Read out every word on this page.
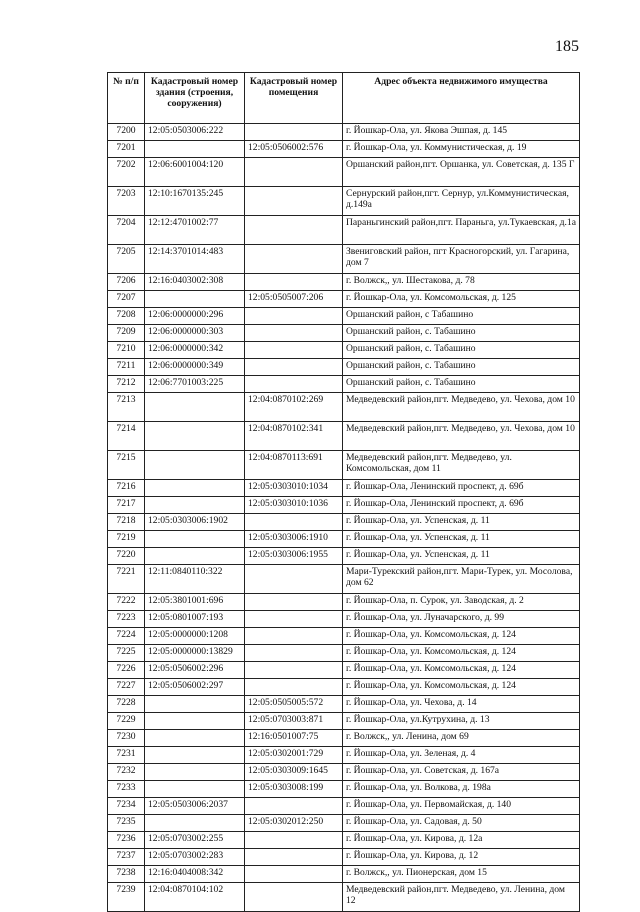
185
№ п/п	Кадастровый номер здания (строения, сооружения)	Кадастровый номер помещения	Адрес объекта недвижимого имущества
7200	12:05:0503006:222		г. Йошкар-Ола, ул. Якова Эшпая, д. 145
7201		12:05:0506002:576	г. Йошкар-Ола, ул. Коммунистическая, д. 19
7202	12:06:6001004:120		Оршанский район,пгт. Оршанка, ул. Советская, д. 135 Г
7203	12:10:1670135:245		Сернурский район,пгт. Сернур, ул.Коммунистическая, д.149а
7204	12:12:4701002:77		Параньгинский район,пгт. Параньга, ул.Тукаевская, д.1а
7205	12:14:3701014:483		Звениговский район, пгт Красногорский, ул. Гагарина, дом 7
7206	12:16:0403002:308		г. Волжск,, ул. Шестакова, д. 78
7207		12:05:0505007:206	г. Йошкар-Ола, ул. Комсомольская, д. 125
7208	12:06:0000000:296		Оршанский район, с Табашино
7209	12:06:0000000:303		Оршанский район, с. Табашино
7210	12:06:0000000:342		Оршанский район, с. Табашино
7211	12:06:0000000:349		Оршанский район, с. Табашино
7212	12:06:7701003:225		Оршанский район, с. Табашино
7213		12:04:0870102:269	Медведевский район,пгт. Медведево, ул. Чехова, дом 10
7214		12:04:0870102:341	Медведевский район,пгт. Медведево, ул. Чехова, дом 10
7215		12:04:0870113:691	Медведевский район,пгт. Медведево, ул. Комсомольская, дом 11
7216		12:05:0303010:1034	г. Йошкар-Ола, Ленинский проспект, д. 69б
7217		12:05:0303010:1036	г. Йошкар-Ола, Ленинский проспект, д. 69б
7218	12:05:0303006:1902		г. Йошкар-Ола, ул. Успенская, д. 11
7219		12:05:0303006:1910	г. Йошкар-Ола, ул. Успенская, д. 11
7220		12:05:0303006:1955	г. Йошкар-Ола, ул. Успенская, д. 11
7221	12:11:0840110:322		Мари-Турекский район,пгт. Мари-Турек, ул. Мосолова, дом 62
7222	12:05:3801001:696		г. Йошкар-Ола, п. Сурок, ул. Заводская, д. 2
7223	12:05:0801007:193		г. Йошкар-Ола, ул. Луначарского, д. 99
7224	12:05:0000000:1208		г. Йошкар-Ола, ул. Комсомольская, д. 124
7225	12:05:0000000:13829		г. Йошкар-Ола, ул. Комсомольская, д. 124
7226	12:05:0506002:296		г. Йошкар-Ола, ул. Комсомольская, д. 124
7227	12:05:0506002:297		г. Йошкар-Ола, ул. Комсомольская, д. 124
7228		12:05:0505005:572	г. Йошкар-Ола, ул. Чехова, д. 14
7229		12:05:0703003:871	г. Йошкар-Ола, ул.Кутрухина, д. 13
7230		12:16:0501007:75	г. Волжск,, ул. Ленина, дом 69
7231		12:05:0302001:729	г. Йошкар-Ола, ул. Зеленая, д. 4
7232		12:05:0303009:1645	г. Йошкар-Ола, ул. Советская, д. 167а
7233		12:05:0303008:199	г. Йошкар-Ола, ул. Волкова, д. 198а
7234	12:05:0503006:2037		г. Йошкар-Ола, ул. Первомайская, д. 140
7235		12:05:0302012:250	г. Йошкар-Ола, ул. Садовая, д. 50
7236	12:05:0703002:255		г. Йошкар-Ола, ул. Кирова, д. 12а
7237	12:05:0703002:283		г. Йошкар-Ола, ул. Кирова, д. 12
7238	12:16:0404008:342		г. Волжск,, ул. Пионерская, дом 15
7239	12:04:0870104:102		Медведевский район,пгт. Медведево, ул. Ленина, дом 12
